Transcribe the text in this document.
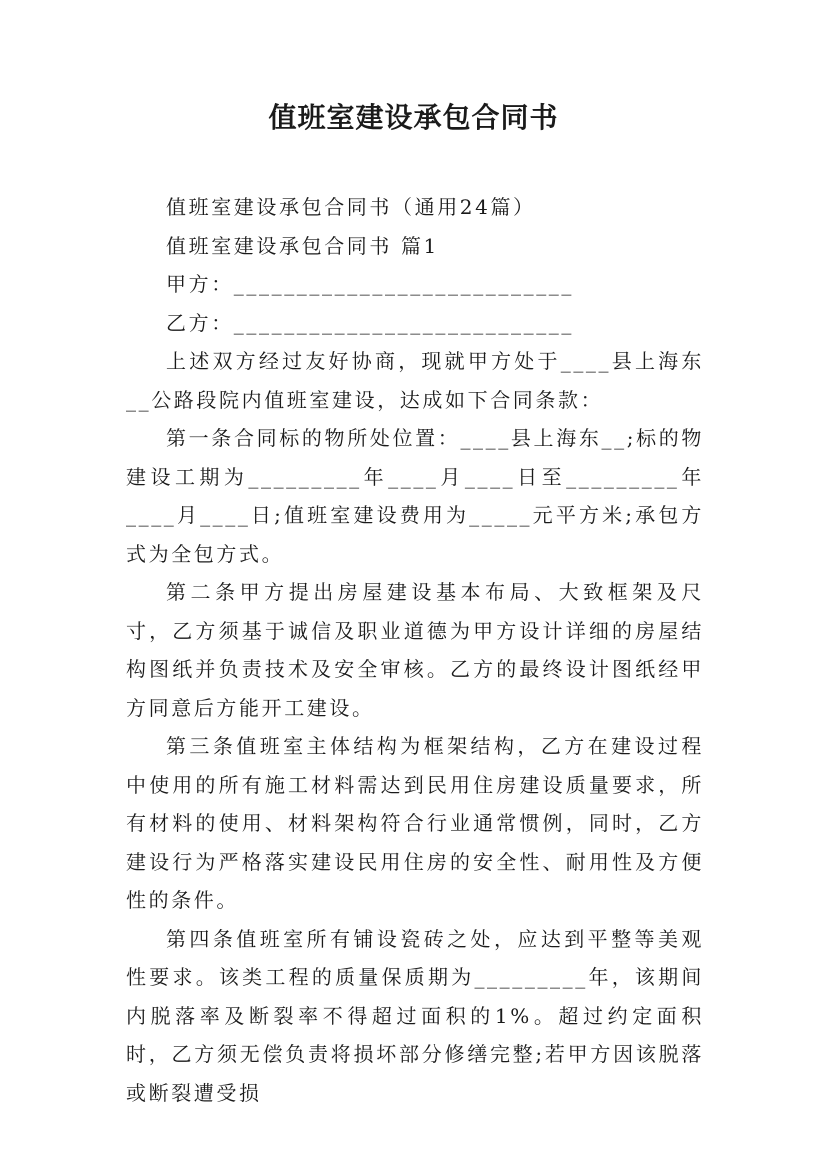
值班室建设承包合同书

值班室建设承包合同书（通用24篇）

值班室建设承包合同书 篇1

甲方：___________________________

乙方：___________________________

上述双方经过友好协商，现就甲方处于____县上海东__公路段院内值班室建设，达成如下合同条款：

第一条合同标的物所处位置：____县上海东__;标的物建设工期为_________年____月____日至_________年____月____日;值班室建设费用为_____元平方米;承包方式为全包方式。

第二条甲方提出房屋建设基本布局、大致框架及尺寸，乙方须基于诚信及职业道德为甲方设计详细的房屋结构图纸并负责技术及安全审核。乙方的最终设计图纸经甲方同意后方能开工建设。

第三条值班室主体结构为框架结构，乙方在建设过程中使用的所有施工材料需达到民用住房建设质量要求，所有材料的使用、材料架构符合行业通常惯例，同时，乙方建设行为严格落实建设民用住房的安全性、耐用性及方便性的条件。

第四条值班室所有铺设瓷砖之处，应达到平整等美观性要求。该类工程的质量保质期为_________年，该期间内脱落率及断裂率不得超过面积的1%。超过约定面积时，乙方须无偿负责将损坏部分修缮完整;若甲方因该脱落或断裂遭受损
